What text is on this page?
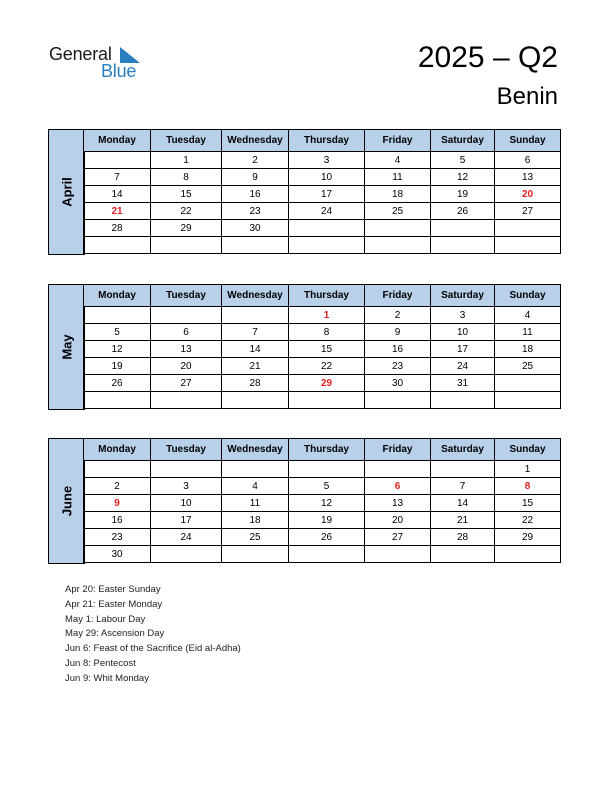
General
Blue	2025 – Q2
Benin
April
Monday	Tuesday	Wednesday	Thursday	Friday	Saturday	Sunday
	1	2	3	4	5	6
7	8	9	10	11	12	13
14	15	16	17	18	19	20
21	22	23	24	25	26	27
28	29	30				

May
Monday	Tuesday	Wednesday	Thursday	Friday	Saturday	Sunday
			1	2	3	4
5	6	7	8	9	10	11
12	13	14	15	16	17	18
19	20	21	22	23	24	25
26	27	28	29	30	31	

June
Monday	Tuesday	Wednesday	Thursday	Friday	Saturday	Sunday
						1
2	3	4	5	6	7	8
9	10	11	12	13	14	15
16	17	18	19	20	21	22
23	24	25	26	27	28	29
30						
Apr 20: Easter Sunday
Apr 21: Easter Monday
May 1: Labour Day
May 29: Ascension Day
Jun 6: Feast of the Sacrifice (Eid al-Adha)
Jun 8: Pentecost
Jun 9: Whit Monday
